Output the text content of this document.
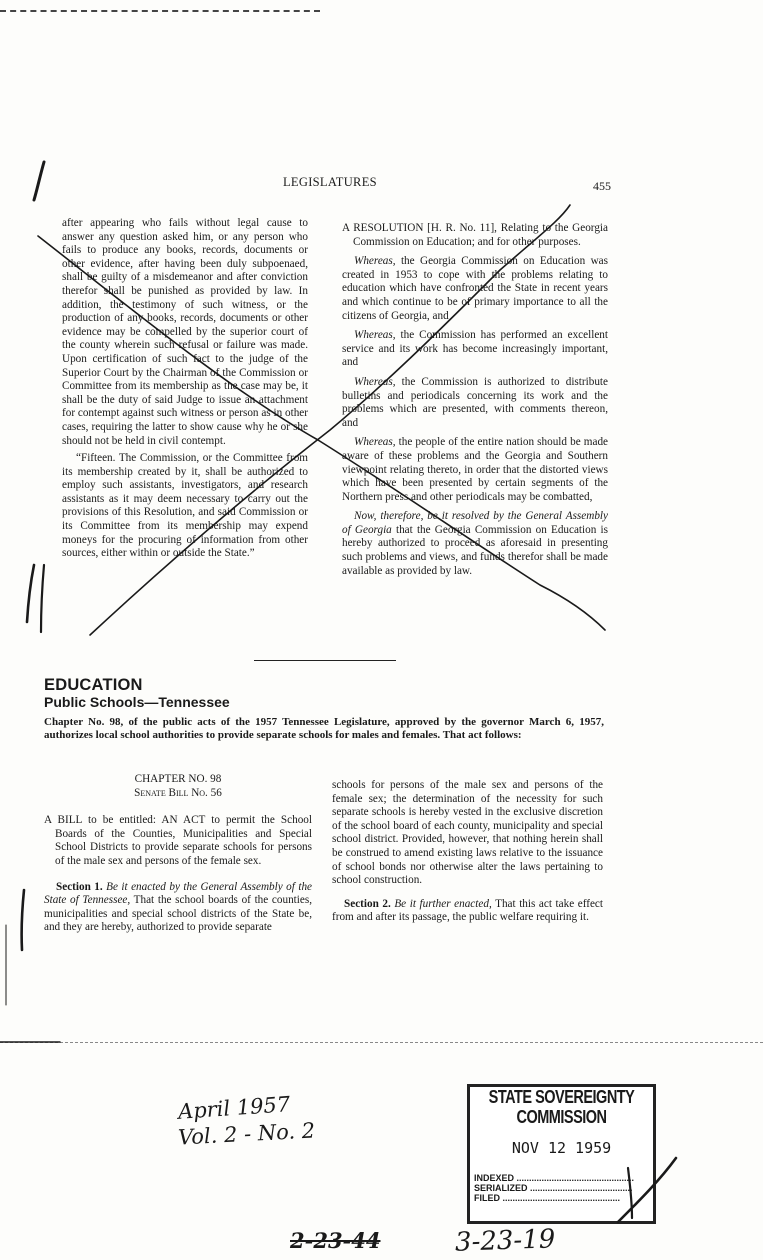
LEGISLATURES	455

after appearing who fails without legal cause to answer any question asked him, or any person who fails to produce any books, records, documents or other evidence, after having been duly subpoenaed, shall be guilty of a misdemeanor and after conviction therefor shall be punished as provided by law. In addition, the testimony of such witness, or the production of any books, records, documents or other evidence may be compelled by the superior court of the county wherein such refusal or failure was made. Upon certification of such fact to the judge of the Superior Court by the Chairman of the Commission or Committee from its membership as the case may be, it shall be the duty of said Judge to issue an attachment for contempt against such witness or person as in other cases, requiring the latter to show cause why he or she should not be held in civil contempt.

“Fifteen. The Commission, or the Committee from its membership created by it, shall be authorized to employ such assistants, investigators, and research assistants as it may deem necessary to carry out the provisions of this Resolution, and said Commission or its Committee from its membership may expend moneys for the procuring of information from other sources, either within or outside the State.”

A RESOLUTION [H. R. No. 11], Relating to the Georgia Commission on Education; and for other purposes.

Whereas, the Georgia Commission on Education was created in 1953 to cope with the problems relating to education which have confronted the State in recent years and which continue to be of primary importance to all the citizens of Georgia, and

Whereas, the Commission has performed an excellent service and its work has become increasingly important, and

Whereas, the Commission is authorized to distribute bulletins and periodicals concerning its work and the problems which are presented, with comments thereon, and

Whereas, the people of the entire nation should be made aware of these problems and the Georgia and Southern viewpoint relating thereto, in order that the distorted views which have been presented by certain segments of the Northern press and other periodicals may be combatted,

Now, therefore, be it resolved by the General Assembly of Georgia that the Georgia Commission on Education is hereby authorized to proceed as aforesaid in presenting such problems and views, and funds therefor shall be made available as provided by law.

EDUCATION
Public Schools—Tennessee
Chapter No. 98, of the public acts of the 1957 Tennessee Legislature, approved by the governor March 6, 1957, authorizes local school authorities to provide separate schools for males and females. That act follows:

CHAPTER NO. 98

Senate Bill No. 56

A BILL to be entitled: AN ACT to permit the School Boards of the Counties, Municipalities and Special School Districts to provide separate schools for persons of the male sex and persons of the female sex.

Section 1. Be it enacted by the General Assembly of the State of Tennessee, That the school boards of the counties, municipalities and special school districts of the State be, and they are hereby, authorized to provide separate

schools for persons of the male sex and persons of the female sex; the determination of the necessity for such separate schools is hereby vested in the exclusive discretion of the school board of each county, municipality and special school district. Provided, however, that nothing herein shall be construed to amend existing laws relative to the issuance of school bonds nor otherwise alter the laws pertaining to school construction.

Section 2. Be it further enacted, That this act take effect from and after its passage, the public welfare requiring it.

April 1957
Vol. 2 - No. 2
2-23-44	3-23-19
STATE SOVEREIGNTY COMMISSION
NOV 12 1959
INDEXED ...............................................
SERIALIZED .........................................
FILED ...............................................
